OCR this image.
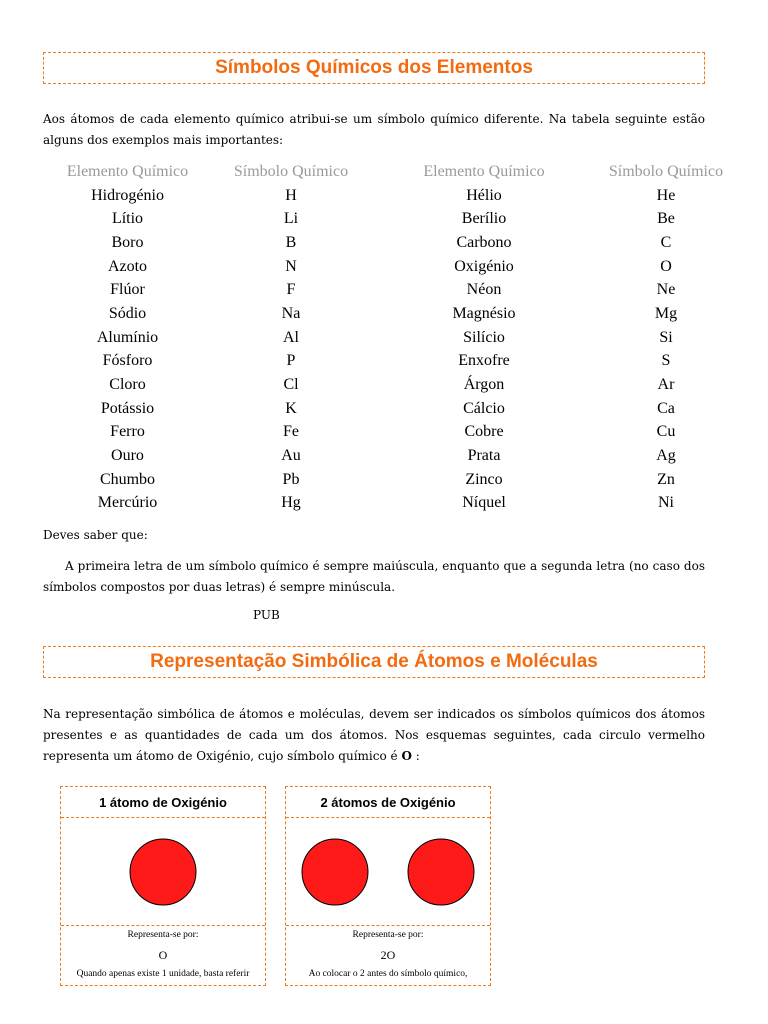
Símbolos Químicos dos Elementos

Aos átomos de cada elemento químico atribui-se um símbolo químico diferente. Na tabela seguinte estão alguns dos exemplos mais importantes:

Elemento Químico	Símbolo Químico	Elemento Químico	Símbolo Químico
Hidrogénio	H	Hélio	He
Lítio	Li	Berílio	Be
Boro	B	Carbono	C
Azoto	N	Oxigénio	O
Flúor	F	Néon	Ne
Sódio	Na	Magnésio	Mg
Alumínio	Al	Silício	Si
Fósforo	P	Enxofre	S
Cloro	Cl	Árgon	Ar
Potássio	K	Cálcio	Ca
Ferro	Fe	Cobre	Cu
Ouro	Au	Prata	Ag
Chumbo	Pb	Zinco	Zn
Mercúrio	Hg	Níquel	Ni

Deves saber que:

A primeira letra de um símbolo químico é sempre maiúscula, enquanto que a segunda letra (no caso dos símbolos compostos por duas letras) é sempre minúscula.

PUB
Representação Simbólica de Átomos e Moléculas

Na representação simbólica de átomos e moléculas, devem ser indicados os símbolos químicos dos átomos presentes e as quantidades de cada um dos átomos. Nos esquemas seguintes, cada circulo vermelho representa um átomo de Oxigénio, cujo símbolo químico é O :

1 átomo de Oxigénio
Representa-se por:
O
Quando apenas existe 1 unidade, basta referir
2 átomos de Oxigénio
Representa-se por:
2O
Ao colocar o 2 antes do símbolo químico,
